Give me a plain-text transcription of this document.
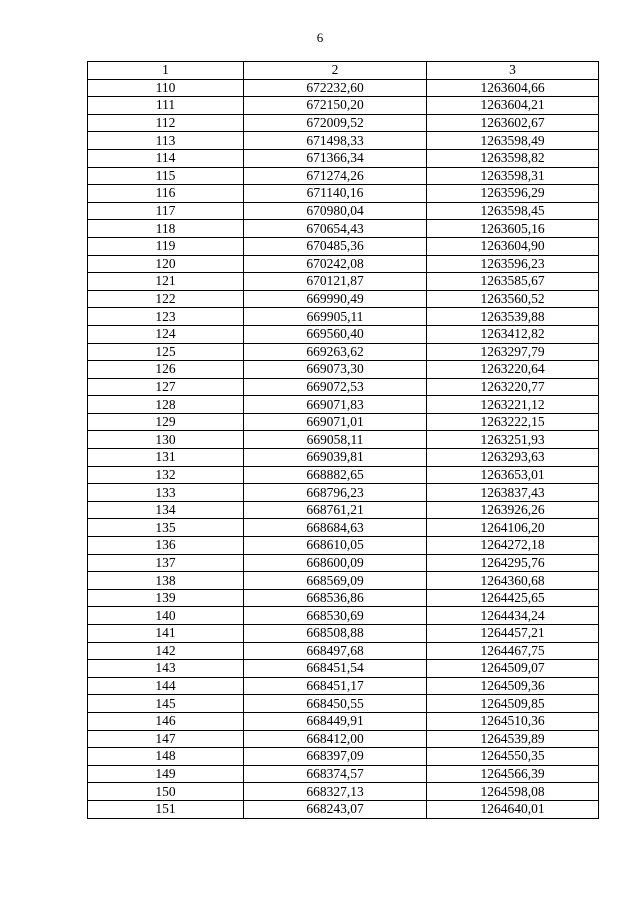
6
1	2	3
110	672232,60	1263604,66
111	672150,20	1263604,21
112	672009,52	1263602,67
113	671498,33	1263598,49
114	671366,34	1263598,82
115	671274,26	1263598,31
116	671140,16	1263596,29
117	670980,04	1263598,45
118	670654,43	1263605,16
119	670485,36	1263604,90
120	670242,08	1263596,23
121	670121,87	1263585,67
122	669990,49	1263560,52
123	669905,11	1263539,88
124	669560,40	1263412,82
125	669263,62	1263297,79
126	669073,30	1263220,64
127	669072,53	1263220,77
128	669071,83	1263221,12
129	669071,01	1263222,15
130	669058,11	1263251,93
131	669039,81	1263293,63
132	668882,65	1263653,01
133	668796,23	1263837,43
134	668761,21	1263926,26
135	668684,63	1264106,20
136	668610,05	1264272,18
137	668600,09	1264295,76
138	668569,09	1264360,68
139	668536,86	1264425,65
140	668530,69	1264434,24
141	668508,88	1264457,21
142	668497,68	1264467,75
143	668451,54	1264509,07
144	668451,17	1264509,36
145	668450,55	1264509,85
146	668449,91	1264510,36
147	668412,00	1264539,89
148	668397,09	1264550,35
149	668374,57	1264566,39
150	668327,13	1264598,08
151	668243,07	1264640,01
